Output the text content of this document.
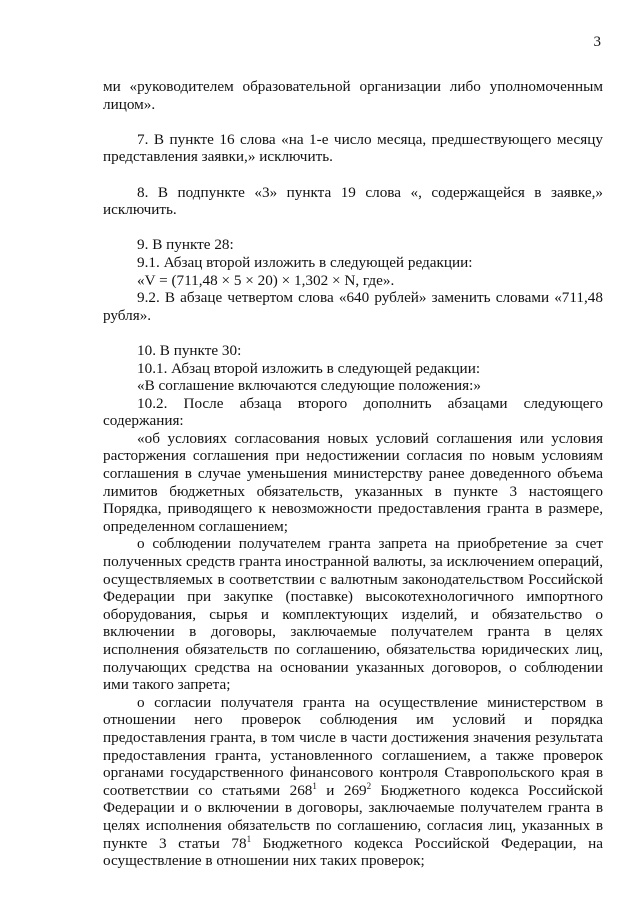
3

ми «руководителем образовательной организации либо уполномоченным лицом».

7. В пункте 16 слова «на 1-е число месяца, предшествующего месяцу представления заявки,» исключить.

8. В подпункте «3» пункта 19 слова «, содержащейся в заявке,» исключить.

9. В пункте 28:

9.1. Абзац второй изложить в следующей редакции:

«V = (711,48 × 5 × 20) × 1,302 × N, где».

9.2. В абзаце четвертом слова «640 рублей» заменить словами «711,48 рубля».

10. В пункте 30:

10.1. Абзац второй изложить в следующей редакции:

«В соглашение включаются следующие положения:»

10.2. После абзаца второго дополнить абзацами следующего содержания:

«об условиях согласования новых условий соглашения или условия расторжения соглашения при недостижении согласия по новым условиям соглашения в случае уменьшения министерству ранее доведенного объема лимитов бюджетных обязательств, указанных в пункте 3 настоящего Порядка, приводящего к невозможности предоставления гранта в размере, определенном соглашением;

о соблюдении получателем гранта запрета на приобретение за счет полученных средств гранта иностранной валюты, за исключением операций, осуществляемых в соответствии с валютным законодательством Российской Федерации при закупке (поставке) высокотехнологичного импортного оборудования, сырья и комплектующих изделий, и обязательство о включении в договоры, заключаемые получателем гранта в целях исполнения обязательств по соглашению, обязательства юридических лиц, получающих средства на основании указанных договоров, о соблюдении ими такого запрета;

о согласии получателя гранта на осуществление министерством в отношении него проверок соблюдения им условий и порядка предоставления гранта, в том числе в части достижения значения результата предоставления гранта, установленного соглашением, а также проверок органами государственного финансового контроля Ставропольского края в соответствии со статьями $268^1$ и $269^2$ Бюджетного кодекса Российской Федерации и о включении в договоры, заключаемые получателем гранта в целях исполнения обязательств по соглашению, согласия лиц, указанных в пункте 3 статьи $78^1$ Бюджетного кодекса Российской Федерации, на осуществление в отношении них таких проверок;
